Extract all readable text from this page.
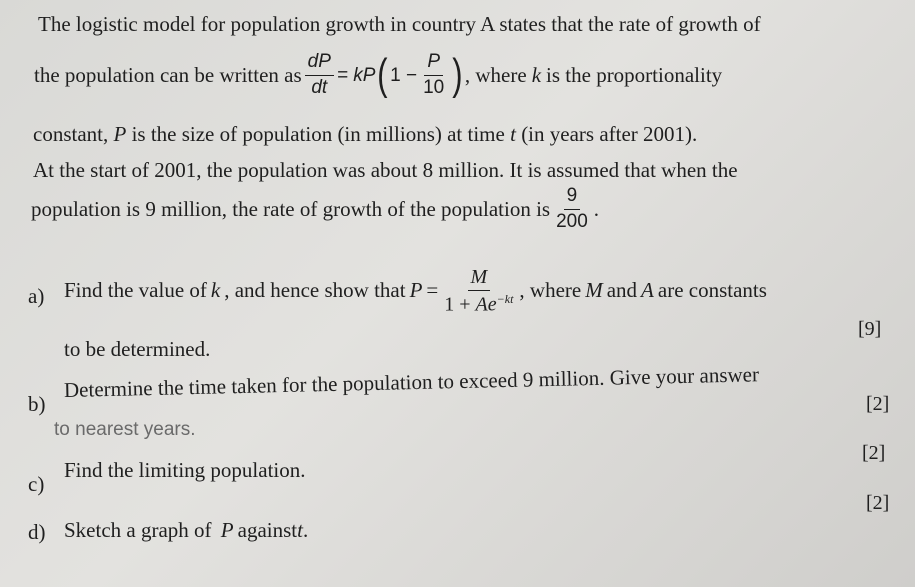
The logistic model for population growth in country A states that the rate of growth of
the population can be written as $\frac{dP}{dt}$ = kP ( $1 - \frac{P}{10}$ ) , where k is the proportionality
constant, P is the size of population (in millions) at time t (in years after 2001).
At the start of 2001, the population was about 8 million. It is assumed that when the
population is 9 million, the rate of growth of the population is $\frac{9}{200}$ .
a) Find the value of k , and hence show that $P = \frac{M}{1 + Ae^{-kt}}$ , where M and A are constants
to be determined.
[9]
b)
Determine the time taken for the population to exceed 9 million. Give your answer
to nearest years.
[2]
c)
Find the limiting population.
[2]
d) Sketch a graph of P againstt.
[2]
